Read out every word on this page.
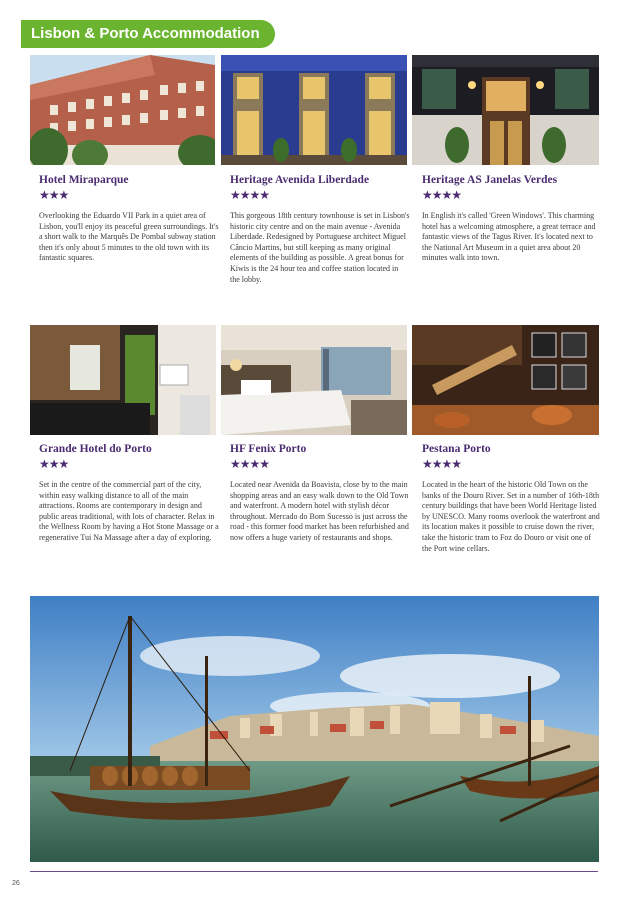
Lisbon & Porto Accommodation
Hotel Miraparque
★★★
Overlooking the Eduardo VII Park in a quiet area of Lisbon, you'll enjoy its peaceful green surroundings. It's a short walk to the Marquês De Pombal subway station then it's only about 5 minutes to the old town with its fantastic squares.
Heritage Avenida Liberdade
★★★★
This gorgeous 18th century townhouse is set in Lisbon's historic city centre and on the main avenue - Avenida Liberdade. Redesigned by Portuguese architect Miguel Câncio Martins, but still keeping as many original elements of the building as possible. A great bonus for Kiwis is the 24 hour tea and coffee station located in the lobby.
Heritage AS Janelas Verdes
★★★★
In English it's called 'Green Windows'. This charming hotel has a welcoming atmosphere, a great terrace and fantastic views of the Tagus River. It's located next to the National Art Museum in a quiet area about 20 minutes walk into town.
Grande Hotel do Porto
★★★
Set in the centre of the commercial part of the city, within easy walking distance to all of the main attractions. Rooms are contemporary in design and public areas traditional, with lots of character. Relax in the Wellness Room by having a Hot Stone Massage or a regenerative Tui Na Massage after a day of exploring.
HF Fenix Porto
★★★★
Located near Avenida da Boavista, close by to the main shopping areas and an easy walk down to the Old Town and waterfront. A modern hotel with stylish décor throughout. Mercado do Bom Sucesso is just across the road - this former food market has been refurbished and now offers a huge variety of restaurants and shops.
Pestana Porto
★★★★
Located in the heart of the historic Old Town on the banks of the Douro River. Set in a number of 16th-18th century buildings that have been World Heritage listed by UNESCO. Many rooms overlook the waterfront and its location makes it possible to cruise down the river, take the historic tram to Foz do Douro or visit one of the Port wine cellars.
26
